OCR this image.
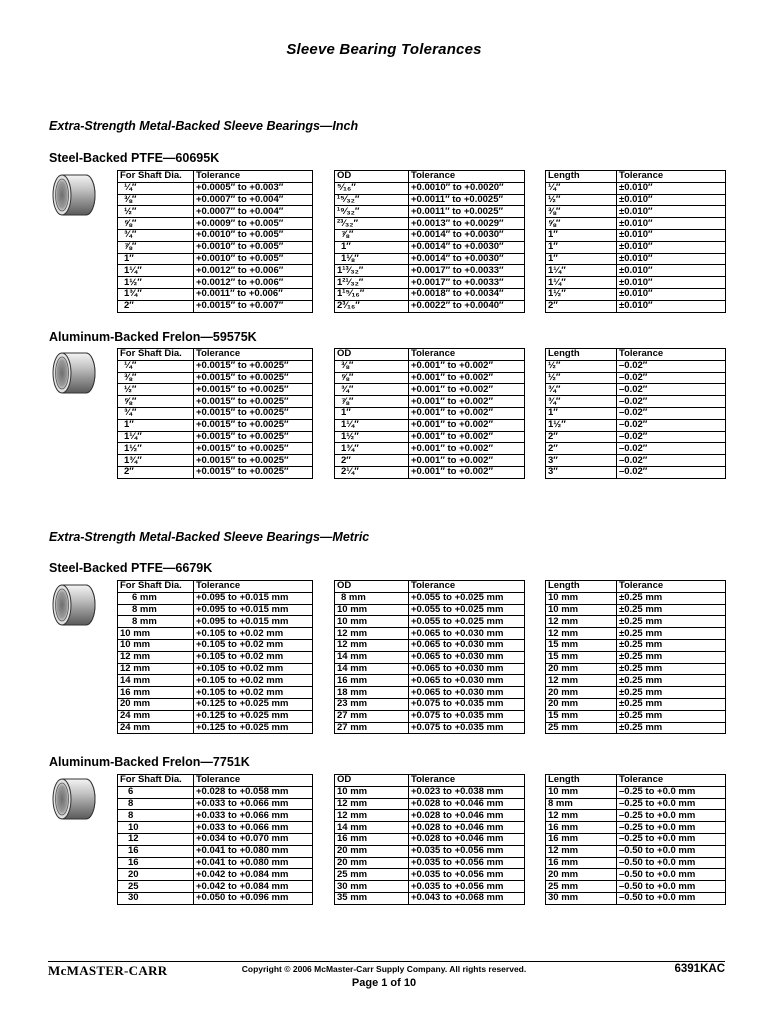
Sleeve Bearing Tolerances
Extra-Strength Metal-Backed Sleeve Bearings—Inch
Steel-Backed PTFE—60695K
For Shaft Dia.	Tolerance
¼″	+0.0005″ to +0.003″
⅜″	+0.0007″ to +0.004″
½″	+0.0007″ to +0.004″
⅝″	+0.0009″ to +0.005″
¾″	+0.0010″ to +0.005″
⅞″	+0.0010″ to +0.005″
1″	+0.0010″ to +0.005″
1¼″	+0.0012″ to +0.006″
1½″	+0.0012″ to +0.006″
1¾″	+0.0011″ to +0.006″
2″	+0.0015″ to +0.007″
OD	Tolerance
⁵⁄₁₆″	+0.0010″ to +0.0020″
¹⁵⁄₃₂″	+0.0011″ to +0.0025″
¹⁹⁄₃₂″	+0.0011″ to +0.0025″
²³⁄₃₂″	+0.0013″ to +0.0029″
⅞″	+0.0014″ to +0.0030″
1″	+0.0014″ to +0.0030″
1⅛″	+0.0014″ to +0.0030″
1¹³⁄₃₂″	+0.0017″ to +0.0033″
1²¹⁄₃₂″	+0.0017″ to +0.0033″
1¹⁵⁄₁₆″	+0.0018″ to +0.0034″
2³⁄₁₆″	+0.0022″ to +0.0040″
Length	Tolerance
¼″	±0.010″
½″	±0.010″
⅜″	±0.010″
⅝″	±0.010″
1″	±0.010″
1″	±0.010″
1″	±0.010″
1¼″	±0.010″
1¼″	±0.010″
1½″	±0.010″
2″	±0.010″
Aluminum-Backed Frelon—59575K
For Shaft Dia.	Tolerance
¼″	+0.0015″ to +0.0025″
⅜″	+0.0015″ to +0.0025″
½″	+0.0015″ to +0.0025″
⅝″	+0.0015″ to +0.0025″
¾″	+0.0015″ to +0.0025″
1″	+0.0015″ to +0.0025″
1¼″	+0.0015″ to +0.0025″
1½″	+0.0015″ to +0.0025″
1¾″	+0.0015″ to +0.0025″
2″	+0.0015″ to +0.0025″
OD	Tolerance
⅜″	+0.001″ to +0.002″
⅝″	+0.001″ to +0.002″
¾″	+0.001″ to +0.002″
⅞″	+0.001″ to +0.002″
1″	+0.001″ to +0.002″
1¼″	+0.001″ to +0.002″
1½″	+0.001″ to +0.002″
1¾″	+0.001″ to +0.002″
2″	+0.001″ to +0.002″
2¼″	+0.001″ to +0.002″
Length	Tolerance
½″	–0.02″
½″	–0.02″
¾″	–0.02″
¾″	–0.02″
1″	–0.02″
1½″	–0.02″
2″	–0.02″
2″	–0.02″
3″	–0.02″
3″	–0.02″
Extra-Strength Metal-Backed Sleeve Bearings—Metric
Steel-Backed PTFE—6679K
For Shaft Dia.	Tolerance
6 mm	+0.095 to +0.015 mm
8 mm	+0.095 to +0.015 mm
8 mm	+0.095 to +0.015 mm
10 mm	+0.105 to +0.02 mm
10 mm	+0.105 to +0.02 mm
12 mm	+0.105 to +0.02 mm
12 mm	+0.105 to +0.02 mm
14 mm	+0.105 to +0.02 mm
16 mm	+0.105 to +0.02 mm
20 mm	+0.125 to +0.025 mm
24 mm	+0.125 to +0.025 mm
24 mm	+0.125 to +0.025 mm
OD	Tolerance
8 mm	+0.055 to +0.025 mm
10 mm	+0.055 to +0.025 mm
10 mm	+0.055 to +0.025 mm
12 mm	+0.065 to +0.030 mm
12 mm	+0.065 to +0.030 mm
14 mm	+0.065 to +0.030 mm
14 mm	+0.065 to +0.030 mm
16 mm	+0.065 to +0.030 mm
18 mm	+0.065 to +0.030 mm
23 mm	+0.075 to +0.035 mm
27 mm	+0.075 to +0.035 mm
27 mm	+0.075 to +0.035 mm
Length	Tolerance
10 mm	±0.25 mm
10 mm	±0.25 mm
12 mm	±0.25 mm
12 mm	±0.25 mm
15 mm	±0.25 mm
15 mm	±0.25 mm
20 mm	±0.25 mm
12 mm	±0.25 mm
20 mm	±0.25 mm
20 mm	±0.25 mm
15 mm	±0.25 mm
25 mm	±0.25 mm
Aluminum-Backed Frelon—7751K
For Shaft Dia.	Tolerance
6	+0.028 to +0.058 mm
8	+0.033 to +0.066 mm
8	+0.033 to +0.066 mm
10	+0.033 to +0.066 mm
12	+0.034 to +0.070 mm
16	+0.041 to +0.080 mm
16	+0.041 to +0.080 mm
20	+0.042 to +0.084 mm
25	+0.042 to +0.084 mm
30	+0.050 to +0.096 mm
OD	Tolerance
10 mm	+0.023 to +0.038 mm
12 mm	+0.028 to +0.046 mm
12 mm	+0.028 to +0.046 mm
14 mm	+0.028 to +0.046 mm
16 mm	+0.028 to +0.046 mm
20 mm	+0.035 to +0.056 mm
20 mm	+0.035 to +0.056 mm
25 mm	+0.035 to +0.056 mm
30 mm	+0.035 to +0.056 mm
35 mm	+0.043 to +0.068 mm
Length	Tolerance
10 mm	–0.25 to +0.0 mm
8 mm	–0.25 to +0.0 mm
12 mm	–0.25 to +0.0 mm
16 mm	–0.25 to +0.0 mm
16 mm	–0.25 to +0.0 mm
12 mm	–0.50 to +0.0 mm
16 mm	–0.50 to +0.0 mm
20 mm	–0.50 to +0.0 mm
25 mm	–0.50 to +0.0 mm
30 mm	–0.50 to +0.0 mm
McMASTER-CARR	Copyright © 2006 McMaster-Carr Supply Company. All rights reserved.
Page 1 of 10
6391KAC
